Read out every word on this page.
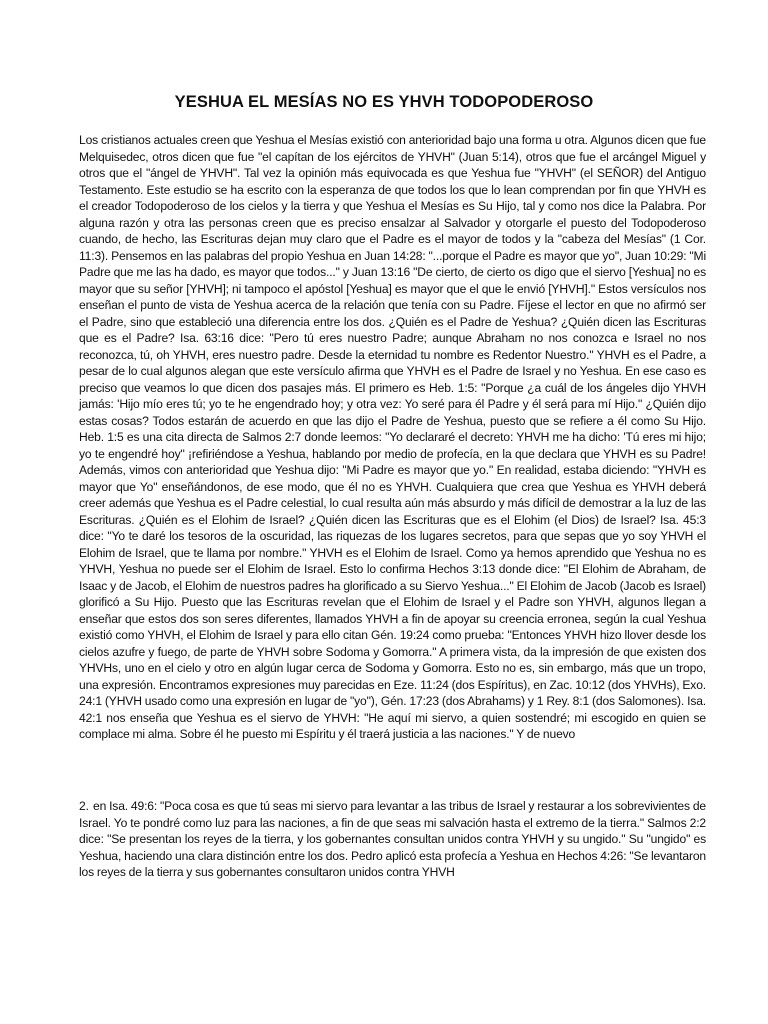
YESHUA EL MESÍAS NO ES YHVH TODOPODEROSO

Los cristianos actuales creen que Yeshua el Mesías existió con anterioridad bajo una forma u otra. Algunos dicen que fue Melquisedec, otros dicen que fue "el capítan de los ejércitos de YHVH" (Juan 5:14), otros que fue el arcángel Miguel y otros que el "ángel de YHVH". Tal vez la opinión más equivocada es que Yeshua fue "YHVH" (el SEÑOR) del Antiguo Testamento. Este estudio se ha escrito con la esperanza de que todos los que lo lean comprendan por fin que YHVH es el creador Todopoderoso de los cielos y la tierra y que Yeshua el Mesías es Su Hijo, tal y como nos dice la Palabra. Por alguna razón y otra las personas creen que es preciso ensalzar al Salvador y otorgarle el puesto del Todopoderoso cuando, de hecho, las Escrituras dejan muy claro que el Padre es el mayor de todos y la "cabeza del Mesías" (1 Cor. 11:3). Pensemos en las palabras del propio Yeshua en Juan 14:28: "...porque el Padre es mayor que yo", Juan 10:29: "Mi Padre que me las ha dado, es mayor que todos..." y Juan 13:16 "De cierto, de cierto os digo que el siervo [Yeshua] no es mayor que su señor [YHVH]; ni tampoco el apóstol [Yeshua] es mayor que el que le envió [YHVH]." Estos versículos nos enseñan el punto de vista de Yeshua acerca de la relación que tenía con su Padre. Fíjese el lector en que no afirmó ser el Padre, sino que estableció una diferencia entre los dos. ¿Quién es el Padre de Yeshua? ¿Quién dicen las Escrituras que es el Padre? Isa. 63:16 dice: "Pero tú eres nuestro Padre; aunque Abraham no nos conozca e Israel no nos reconozca, tú, oh YHVH, eres nuestro padre. Desde la eternidad tu nombre es Redentor Nuestro." YHVH es el Padre, a pesar de lo cual algunos alegan que este versículo afirma que YHVH es el Padre de Israel y no Yeshua. En ese caso es preciso que veamos lo que dicen dos pasajes más. El primero es Heb. 1:5: "Porque ¿a cuál de los ángeles dijo YHVH jamás: 'Hijo mío eres tú; yo te he engendrado hoy; y otra vez: Yo seré para él Padre y él será para mí Hijo." ¿Quién dijo estas cosas? Todos estarán de acuerdo en que las dijo el Padre de Yeshua, puesto que se refiere a él como Su Hijo. Heb. 1:5 es una cita directa de Salmos 2:7 donde leemos: "Yo declararé el decreto: YHVH me ha dicho: 'Tú eres mi hijo; yo te engendré hoy" ¡refiriéndose a Yeshua, hablando por medio de profecía, en la que declara que YHVH es su Padre! Además, vimos con anterioridad que Yeshua dijo: "Mi Padre es mayor que yo." En realidad, estaba diciendo: "YHVH es mayor que Yo" enseñándonos, de ese modo, que él no es YHVH. Cualquiera que crea que Yeshua es YHVH deberá creer además que Yeshua es el Padre celestial, lo cual resulta aún más absurdo y más difícil de demostrar a la luz de las Escrituras. ¿Quién es el Elohim de Israel? ¿Quién dicen las Escrituras que es el Elohim (el Dios) de Israel? Isa. 45:3 dice: "Yo te daré los tesoros de la oscuridad, las riquezas de los lugares secretos, para que sepas que yo soy YHVH el Elohim de Israel, que te llama por nombre." YHVH es el Elohim de Israel. Como ya hemos aprendido que Yeshua no es YHVH, Yeshua no puede ser el Elohim de Israel. Esto lo confirma Hechos 3:13 donde dice: "El Elohim de Abraham, de Isaac y de Jacob, el Elohim de nuestros padres ha glorificado a su Siervo Yeshua..." El Elohim de Jacob (Jacob es Israel) glorificó a Su Hijo. Puesto que las Escrituras revelan que el Elohim de Israel y el Padre son YHVH, algunos llegan a enseñar que estos dos son seres diferentes, llamados YHVH a fin de apoyar su creencia erronea, según la cual Yeshua existió como YHVH, el Elohim de Israel y para ello citan Gén. 19:24 como prueba: "Entonces YHVH hizo llover desde los cielos azufre y fuego, de parte de YHVH sobre Sodoma y Gomorra." A primera vista, da la impresión de que existen dos YHVHs, uno en el cielo y otro en algún lugar cerca de Sodoma y Gomorra. Esto no es, sin embargo, más que un tropo, una expresión. Encontramos expresiones muy parecidas en Eze. 11:24 (dos Espíritus), en Zac. 10:12 (dos YHVHs), Exo. 24:1 (YHVH usado como una expresión en lugar de "yo"), Gén. 17:23 (dos Abrahams) y 1 Rey. 8:1 (dos Salomones). Isa. 42:1 nos enseña que Yeshua es el siervo de YHVH: "He aquí mi siervo, a quien sostendré; mi escogido en quien se complace mi alma. Sobre él he puesto mi Espíritu y él traerá justicia a las naciones." Y de nuevo

2. en Isa. 49:6: "Poca cosa es que tú seas mi siervo para levantar a las tribus de Israel y restaurar a los sobrevivientes de Israel. Yo te pondré como luz para las naciones, a fin de que seas mi salvación hasta el extremo de la tierra." Salmos 2:2 dice: "Se presentan los reyes de la tierra, y los gobernantes consultan unidos contra YHVH y su ungido." Su "ungido" es Yeshua, haciendo una clara distinción entre los dos. Pedro aplicó esta profecía a Yeshua en Hechos 4:26: "Se levantaron los reyes de la tierra y sus gobernantes consultaron unidos contra YHVH
